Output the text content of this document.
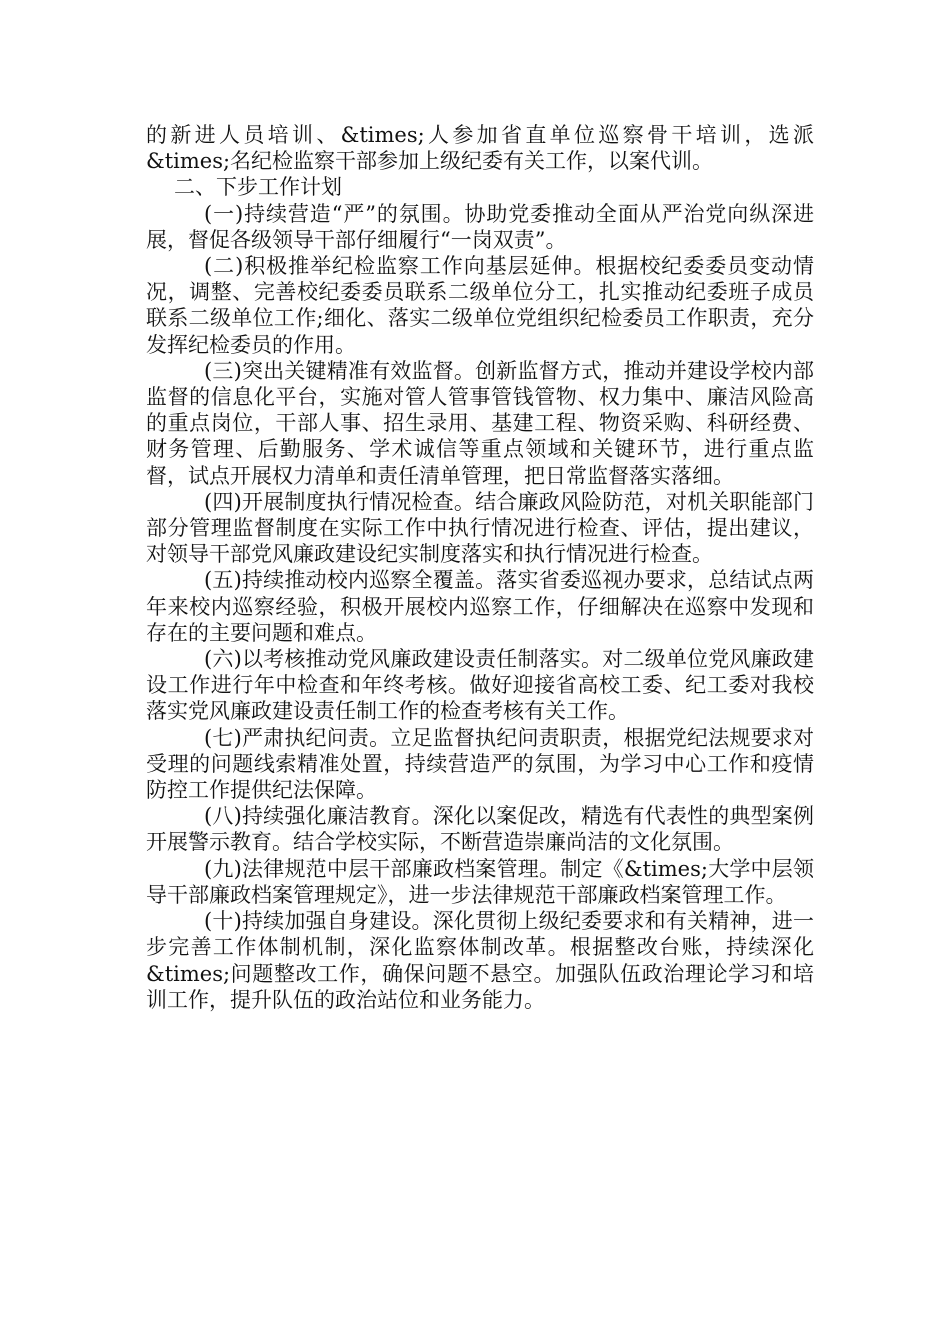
的新进人员培训、&times;人参加省直单位巡察骨干培训，选派&times;名纪检监察干部参加上级纪委有关工作，以案代训。

二、下步工作计划

(一)持续营造“严”的氛围。协助党委推动全面从严治党向纵深进展，督促各级领导干部仔细履行“一岗双责”。

(二)积极推举纪检监察工作向基层延伸。根据校纪委委员变动情况，调整、完善校纪委委员联系二级单位分工，扎实推动纪委班子成员联系二级单位工作;细化、落实二级单位党组织纪检委员工作职责，充分发挥纪检委员的作用。

(三)突出关键精准有效监督。创新监督方式，推动并建设学校内部监督的信息化平台，实施对管人管事管钱管物、权力集中、廉洁风险高的重点岗位，干部人事、招生录用、基建工程、物资采购、科研经费、财务管理、后勤服务、学术诚信等重点领域和关键环节，进行重点监督，试点开展权力清单和责任清单管理，把日常监督落实落细。

(四)开展制度执行情况检查。结合廉政风险防范，对机关职能部门部分管理监督制度在实际工作中执行情况进行检查、评估，提出建议，对领导干部党风廉政建设纪实制度落实和执行情况进行检查。

(五)持续推动校内巡察全覆盖。落实省委巡视办要求，总结试点两年来校内巡察经验，积极开展校内巡察工作，仔细解决在巡察中发现和存在的主要问题和难点。

(六)以考核推动党风廉政建设责任制落实。对二级单位党风廉政建设工作进行年中检查和年终考核。做好迎接省高校工委、纪工委对我校落实党风廉政建设责任制工作的检查考核有关工作。

(七)严肃执纪问责。立足监督执纪问责职责，根据党纪法规要求对受理的问题线索精准处置，持续营造严的氛围，为学习中心工作和疫情防控工作提供纪法保障。

(八)持续强化廉洁教育。深化以案促改，精选有代表性的典型案例开展警示教育。结合学校实际，不断营造崇廉尚洁的文化氛围。

(九)法律规范中层干部廉政档案管理。制定《&times;大学中层领导干部廉政档案管理规定》，进一步法律规范干部廉政档案管理工作。

(十)持续加强自身建设。深化贯彻上级纪委要求和有关精神，进一步完善工作体制机制，深化监察体制改革。根据整改台账，持续深化&times;问题整改工作，确保问题不悬空。加强队伍政治理论学习和培训工作，提升队伍的政治站位和业务能力。
